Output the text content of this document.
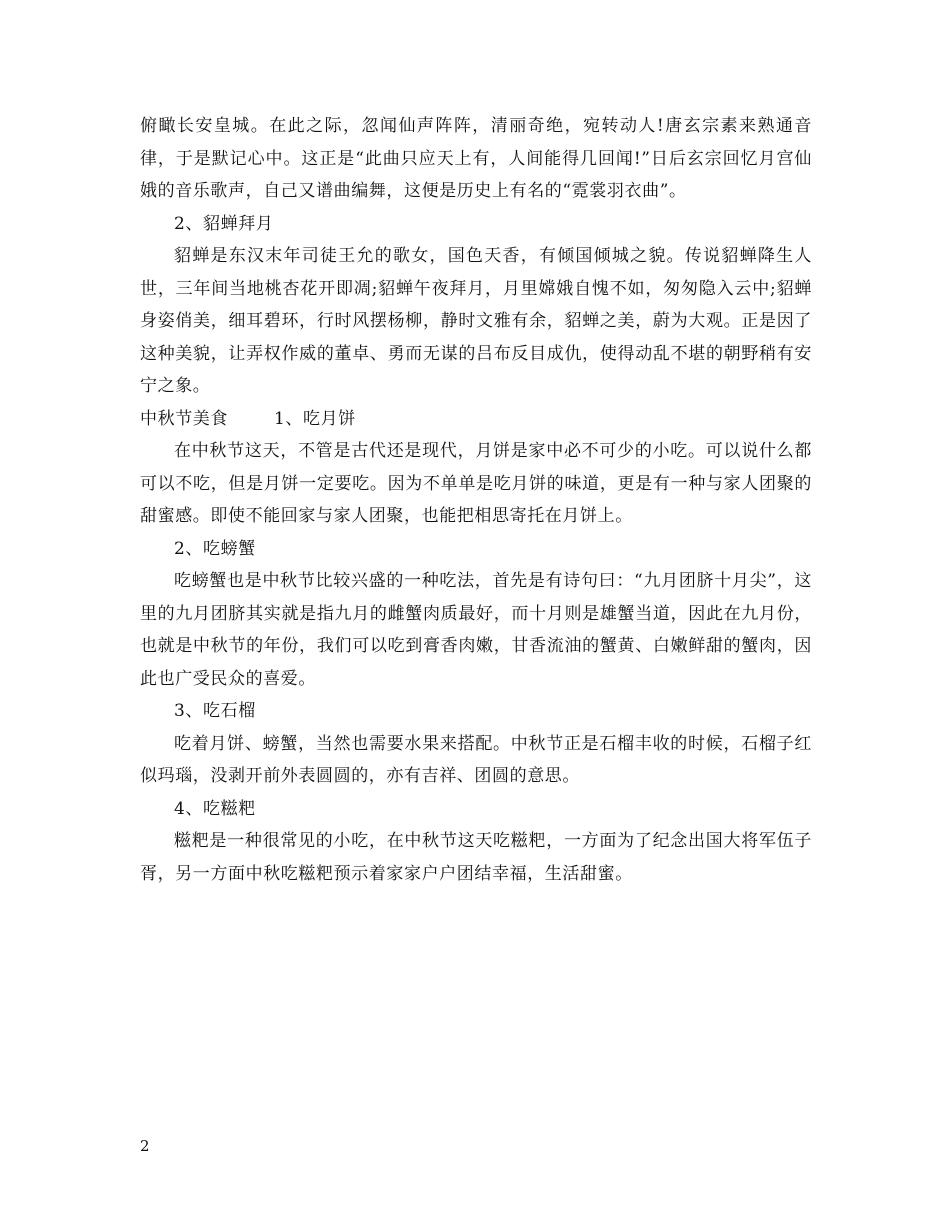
俯瞰长安皇城。在此之际，忽闻仙声阵阵，清丽奇绝，宛转动人!唐玄宗素来熟通音律，于是默记心中。这正是“此曲只应天上有，人间能得几回闻!”日后玄宗回忆月宫仙娥的音乐歌声，自己又谱曲编舞，这便是历史上有名的“霓裳羽衣曲”。

2、貂蝉拜月

貂蝉是东汉末年司徒王允的歌女，国色天香，有倾国倾城之貌。传说貂蝉降生人世，三年间当地桃杏花开即凋;貂蝉午夜拜月，月里嫦娥自愧不如，匆匆隐入云中;貂蝉身姿俏美，细耳碧环，行时风摆杨柳，静时文雅有余，貂蝉之美，蔚为大观。正是因了这种美貌，让弄权作威的董卓、勇而无谋的吕布反目成仇，使得动乱不堪的朝野稍有安宁之象。

中秋节美食	1、吃月饼

在中秋节这天，不管是古代还是现代，月饼是家中必不可少的小吃。可以说什么都可以不吃，但是月饼一定要吃。因为不单单是吃月饼的味道，更是有一种与家人团聚的甜蜜感。即使不能回家与家人团聚，也能把相思寄托在月饼上。

2、吃螃蟹

吃螃蟹也是中秋节比较兴盛的一种吃法，首先是有诗句曰：“九月团脐十月尖”，这里的九月团脐其实就是指九月的雌蟹肉质最好，而十月则是雄蟹当道，因此在九月份，也就是中秋节的年份，我们可以吃到膏香肉嫩，甘香流油的蟹黄、白嫩鲜甜的蟹肉，因此也广受民众的喜爱。

3、吃石榴

吃着月饼、螃蟹，当然也需要水果来搭配。中秋节正是石榴丰收的时候，石榴子红似玛瑙，没剥开前外表圆圆的，亦有吉祥、团圆的意思。

4、吃糍粑

糍粑是一种很常见的小吃，在中秋节这天吃糍粑，一方面为了纪念出国大将军伍子胥，另一方面中秋吃糍粑预示着家家户户团结幸福，生活甜蜜。

2
